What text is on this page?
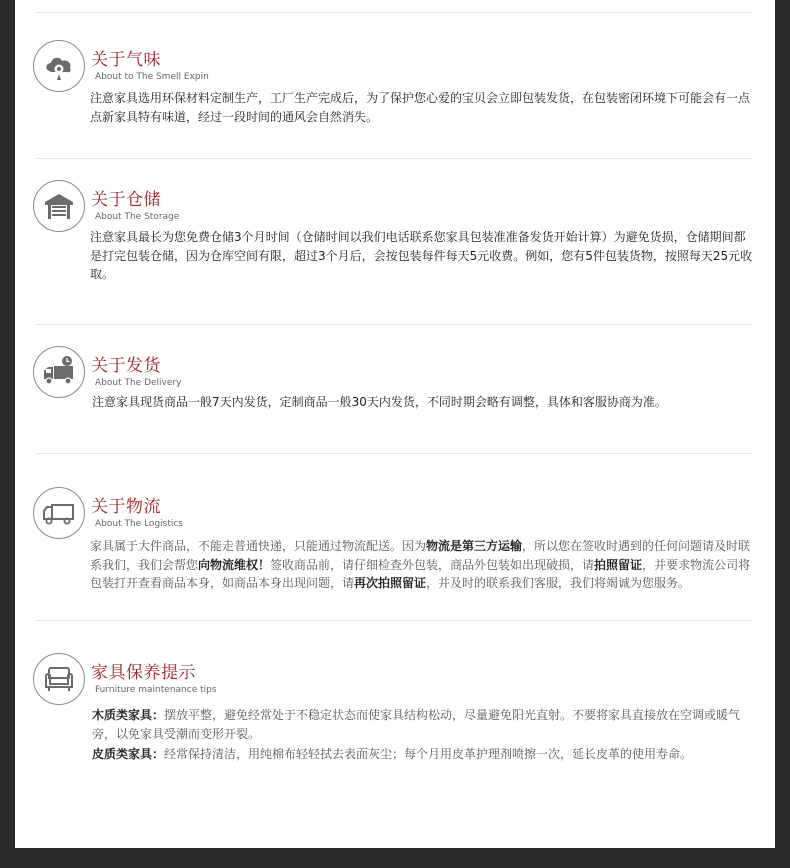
关于气味
About to The Smell Expin
注意家具选用环保材料定制生产，工厂生产完成后，为了保护您心爱的宝贝会立即包装发货，在包装密闭环境下可能会有一点点新家具特有味道，经过一段时间的通风会自然消失。
关于仓储
About The Storage
注意家具最长为您免费仓储3个月时间（仓储时间以我们电话联系您家具包装准准备发货开始计算）为避免货损，仓储期间都是打完包装仓储，因为仓库空间有限，超过3个月后，会按包装每件每天5元收费。例如，您有5件包装货物，按照每天25元收取。
关于发货
About The Delivery
注意家具现货商品一般7天内发货，定制商品一般30天内发货，不同时期会略有调整，具体和客服协商为准。
关于物流
About The Logistics
家具属于大件商品，不能走普通快递，只能通过物流配送。因为物流是第三方运输，所以您在签收时遇到的任何问题请及时联系我们，我们会帮您向物流维权！签收商品前，请仔细检查外包装，商品外包装如出现破损，请拍照留证，并要求物流公司将包装打开查看商品本身，如商品本身出现问题，请再次拍照留证，并及时的联系我们客服，我们将竭诚为您服务。
家具保养提示
Furniture maintenance tips
木质类家具：摆放平整，避免经常处于不稳定状态而使家具结构松动，尽量避免阳光直射。不要将家具直接放在空调或暖气旁，以免家具受潮而变形开裂。
皮质类家具：经常保持清洁，用纯棉布轻轻拭去表面灰尘；每个月用皮革护理剂喷擦一次，延长皮革的使用寿命。
